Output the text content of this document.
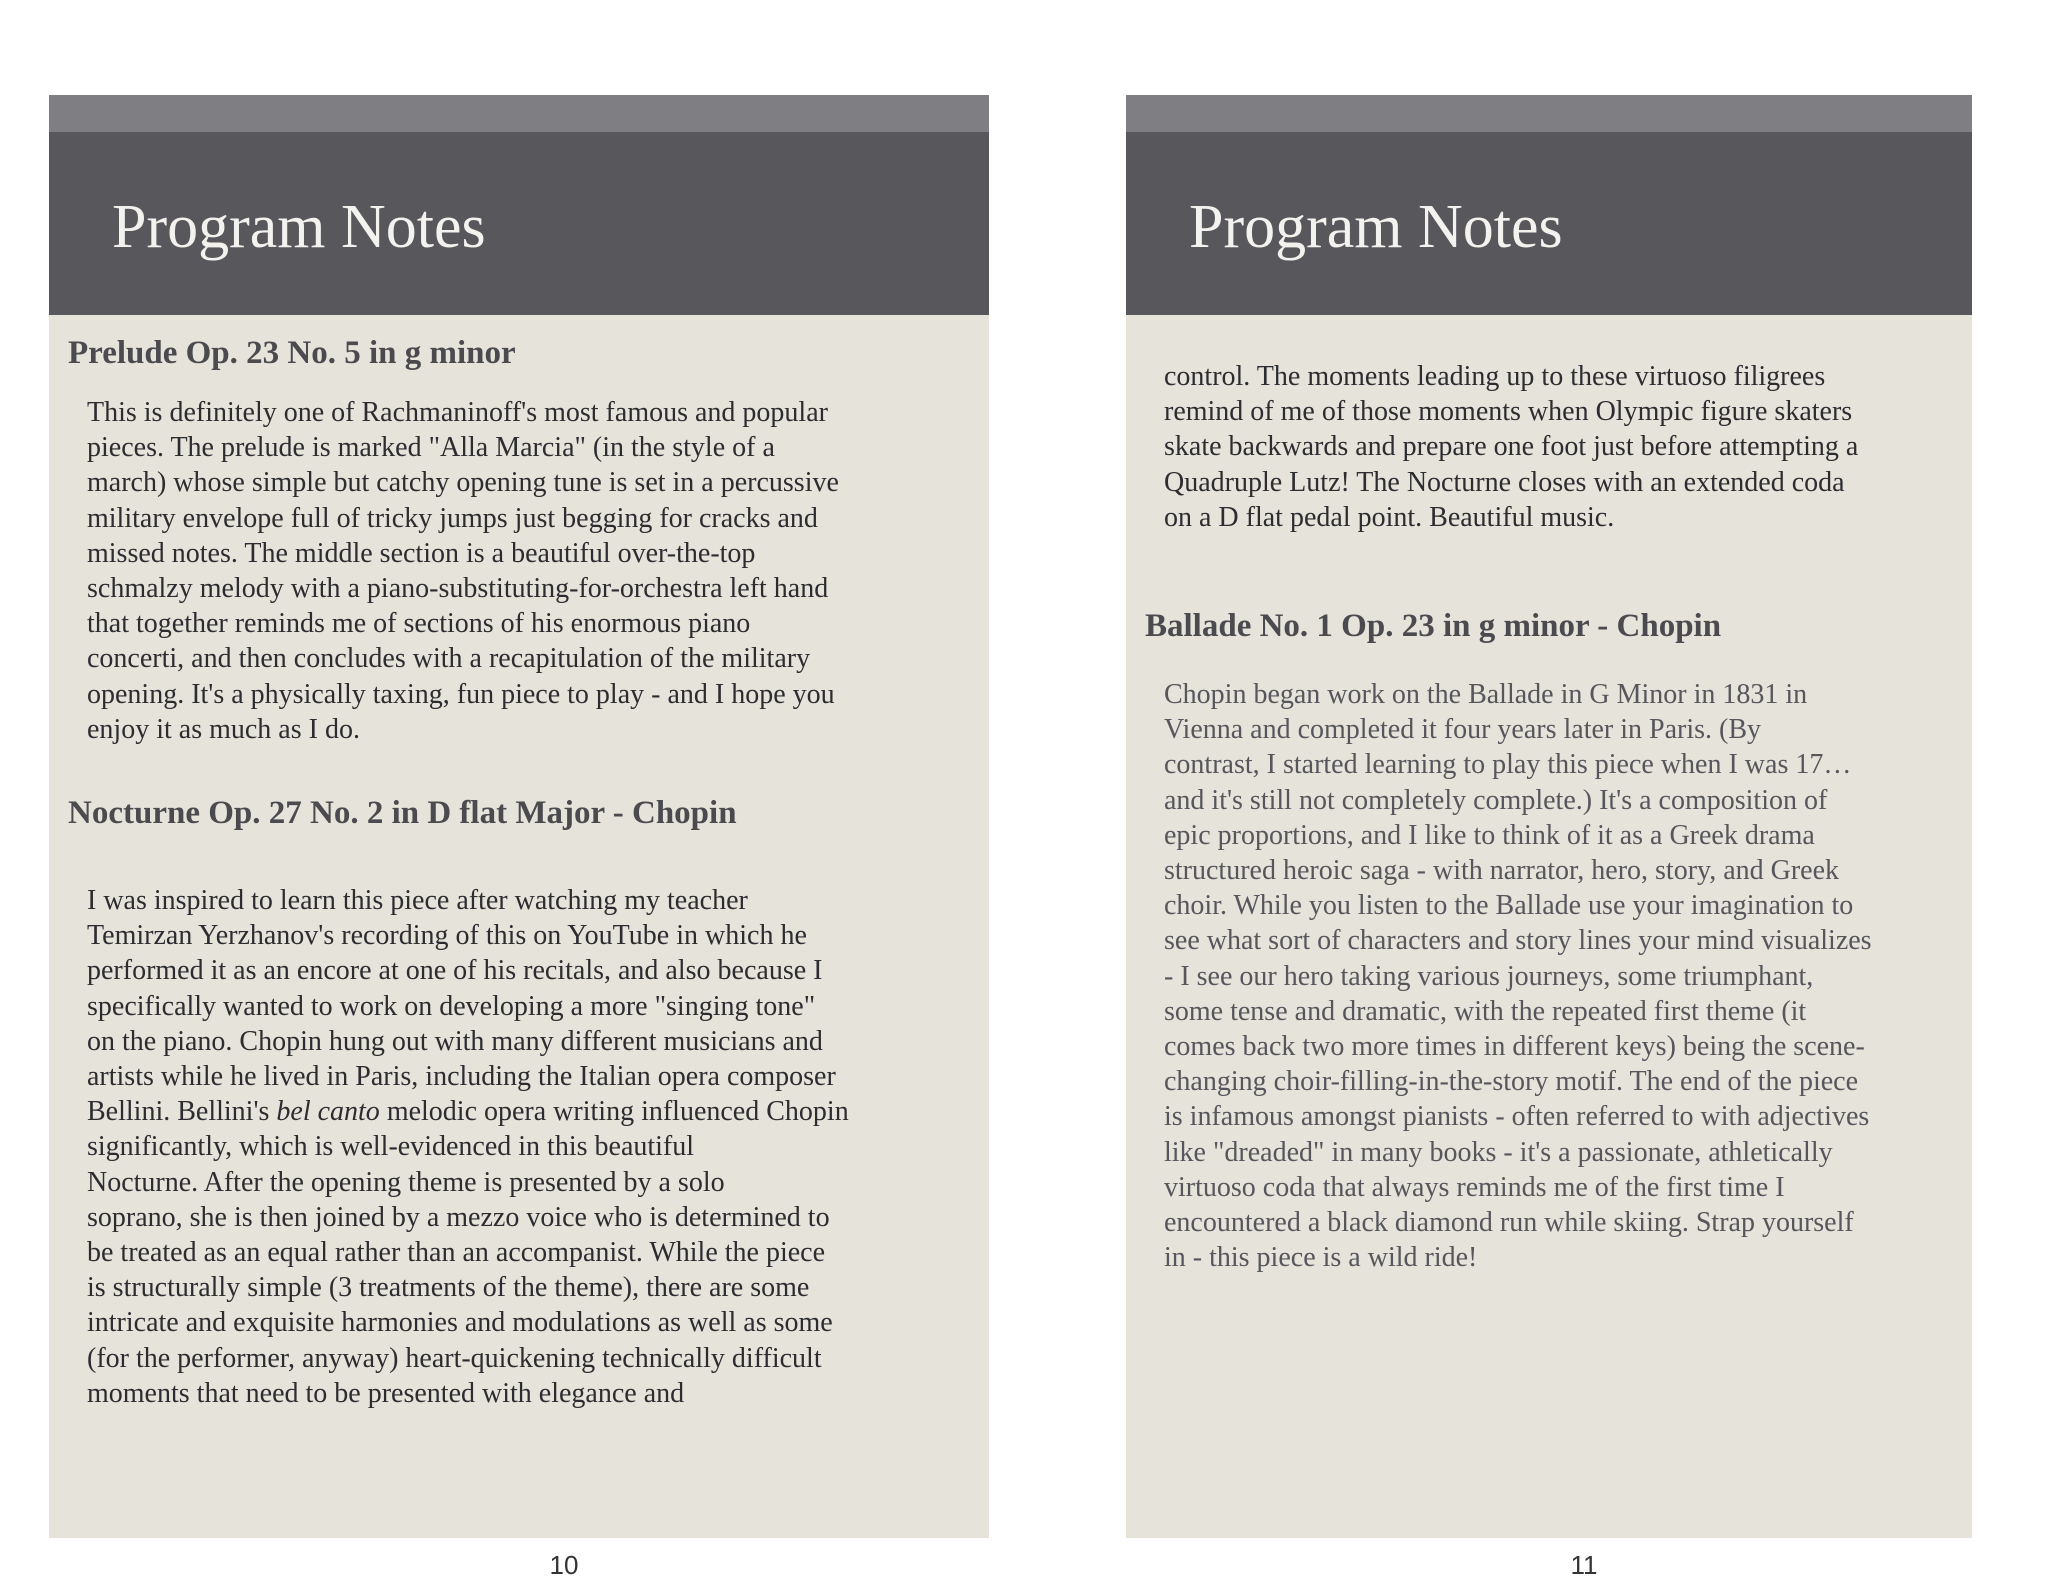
Program Notes
Prelude Op. 23 No. 5 in g minor
This is definitely one of Rachmaninoff's most famous and popular
pieces. The prelude is marked "Alla Marcia" (in the style of a
march) whose simple but catchy opening tune is set in a percussive
military envelope full of tricky jumps just begging for cracks and
missed notes. The middle section is a beautiful over-the-top
schmalzy melody with a piano-substituting-for-orchestra left hand
that together reminds me of sections of his enormous piano
concerti, and then concludes with a recapitulation of the military
opening. It's a physically taxing, fun piece to play - and I hope you
enjoy it as much as I do.
Nocturne Op. 27 No. 2 in D flat Major - Chopin
I was inspired to learn this piece after watching my teacher
Temirzan Yerzhanov's recording of this on YouTube in which he
performed it as an encore at one of his recitals, and also because I
specifically wanted to work on developing a more "singing tone"
on the piano. Chopin hung out with many different musicians and
artists while he lived in Paris, including the Italian opera composer
Bellini. Bellini's bel canto melodic opera writing influenced Chopin
significantly, which is well-evidenced in this beautiful
Nocturne. After the opening theme is presented by a solo
soprano, she is then joined by a mezzo voice who is determined to
be treated as an equal rather than an accompanist. While the piece
is structurally simple (3 treatments of the theme), there are some
intricate and exquisite harmonies and modulations as well as some
(for the performer, anyway) heart-quickening technically difficult
moments that need to be presented with elegance and
10
Program Notes
control. The moments leading up to these virtuoso filigrees
remind of me of those moments when Olympic figure skaters
skate backwards and prepare one foot just before attempting a
Quadruple Lutz! The Nocturne closes with an extended coda
on a D flat pedal point. Beautiful music.
Ballade No. 1 Op. 23 in g minor - Chopin
Chopin began work on the Ballade in G Minor in 1831 in
Vienna and completed it four years later in Paris. (By
contrast, I started learning to play this piece when I was 17…
and it's still not completely complete.) It's a composition of
epic proportions, and I like to think of it as a Greek drama
structured heroic saga - with narrator, hero, story, and Greek
choir. While you listen to the Ballade use your imagination to
see what sort of characters and story lines your mind visualizes
- I see our hero taking various journeys, some triumphant,
some tense and dramatic, with the repeated first theme (it
comes back two more times in different keys) being the scene-
changing choir-filling-in-the-story motif. The end of the piece
is infamous amongst pianists - often referred to with adjectives
like "dreaded" in many books - it's a passionate, athletically
virtuoso coda that always reminds me of the first time I
encountered a black diamond run while skiing. Strap yourself
in - this piece is a wild ride!
11
